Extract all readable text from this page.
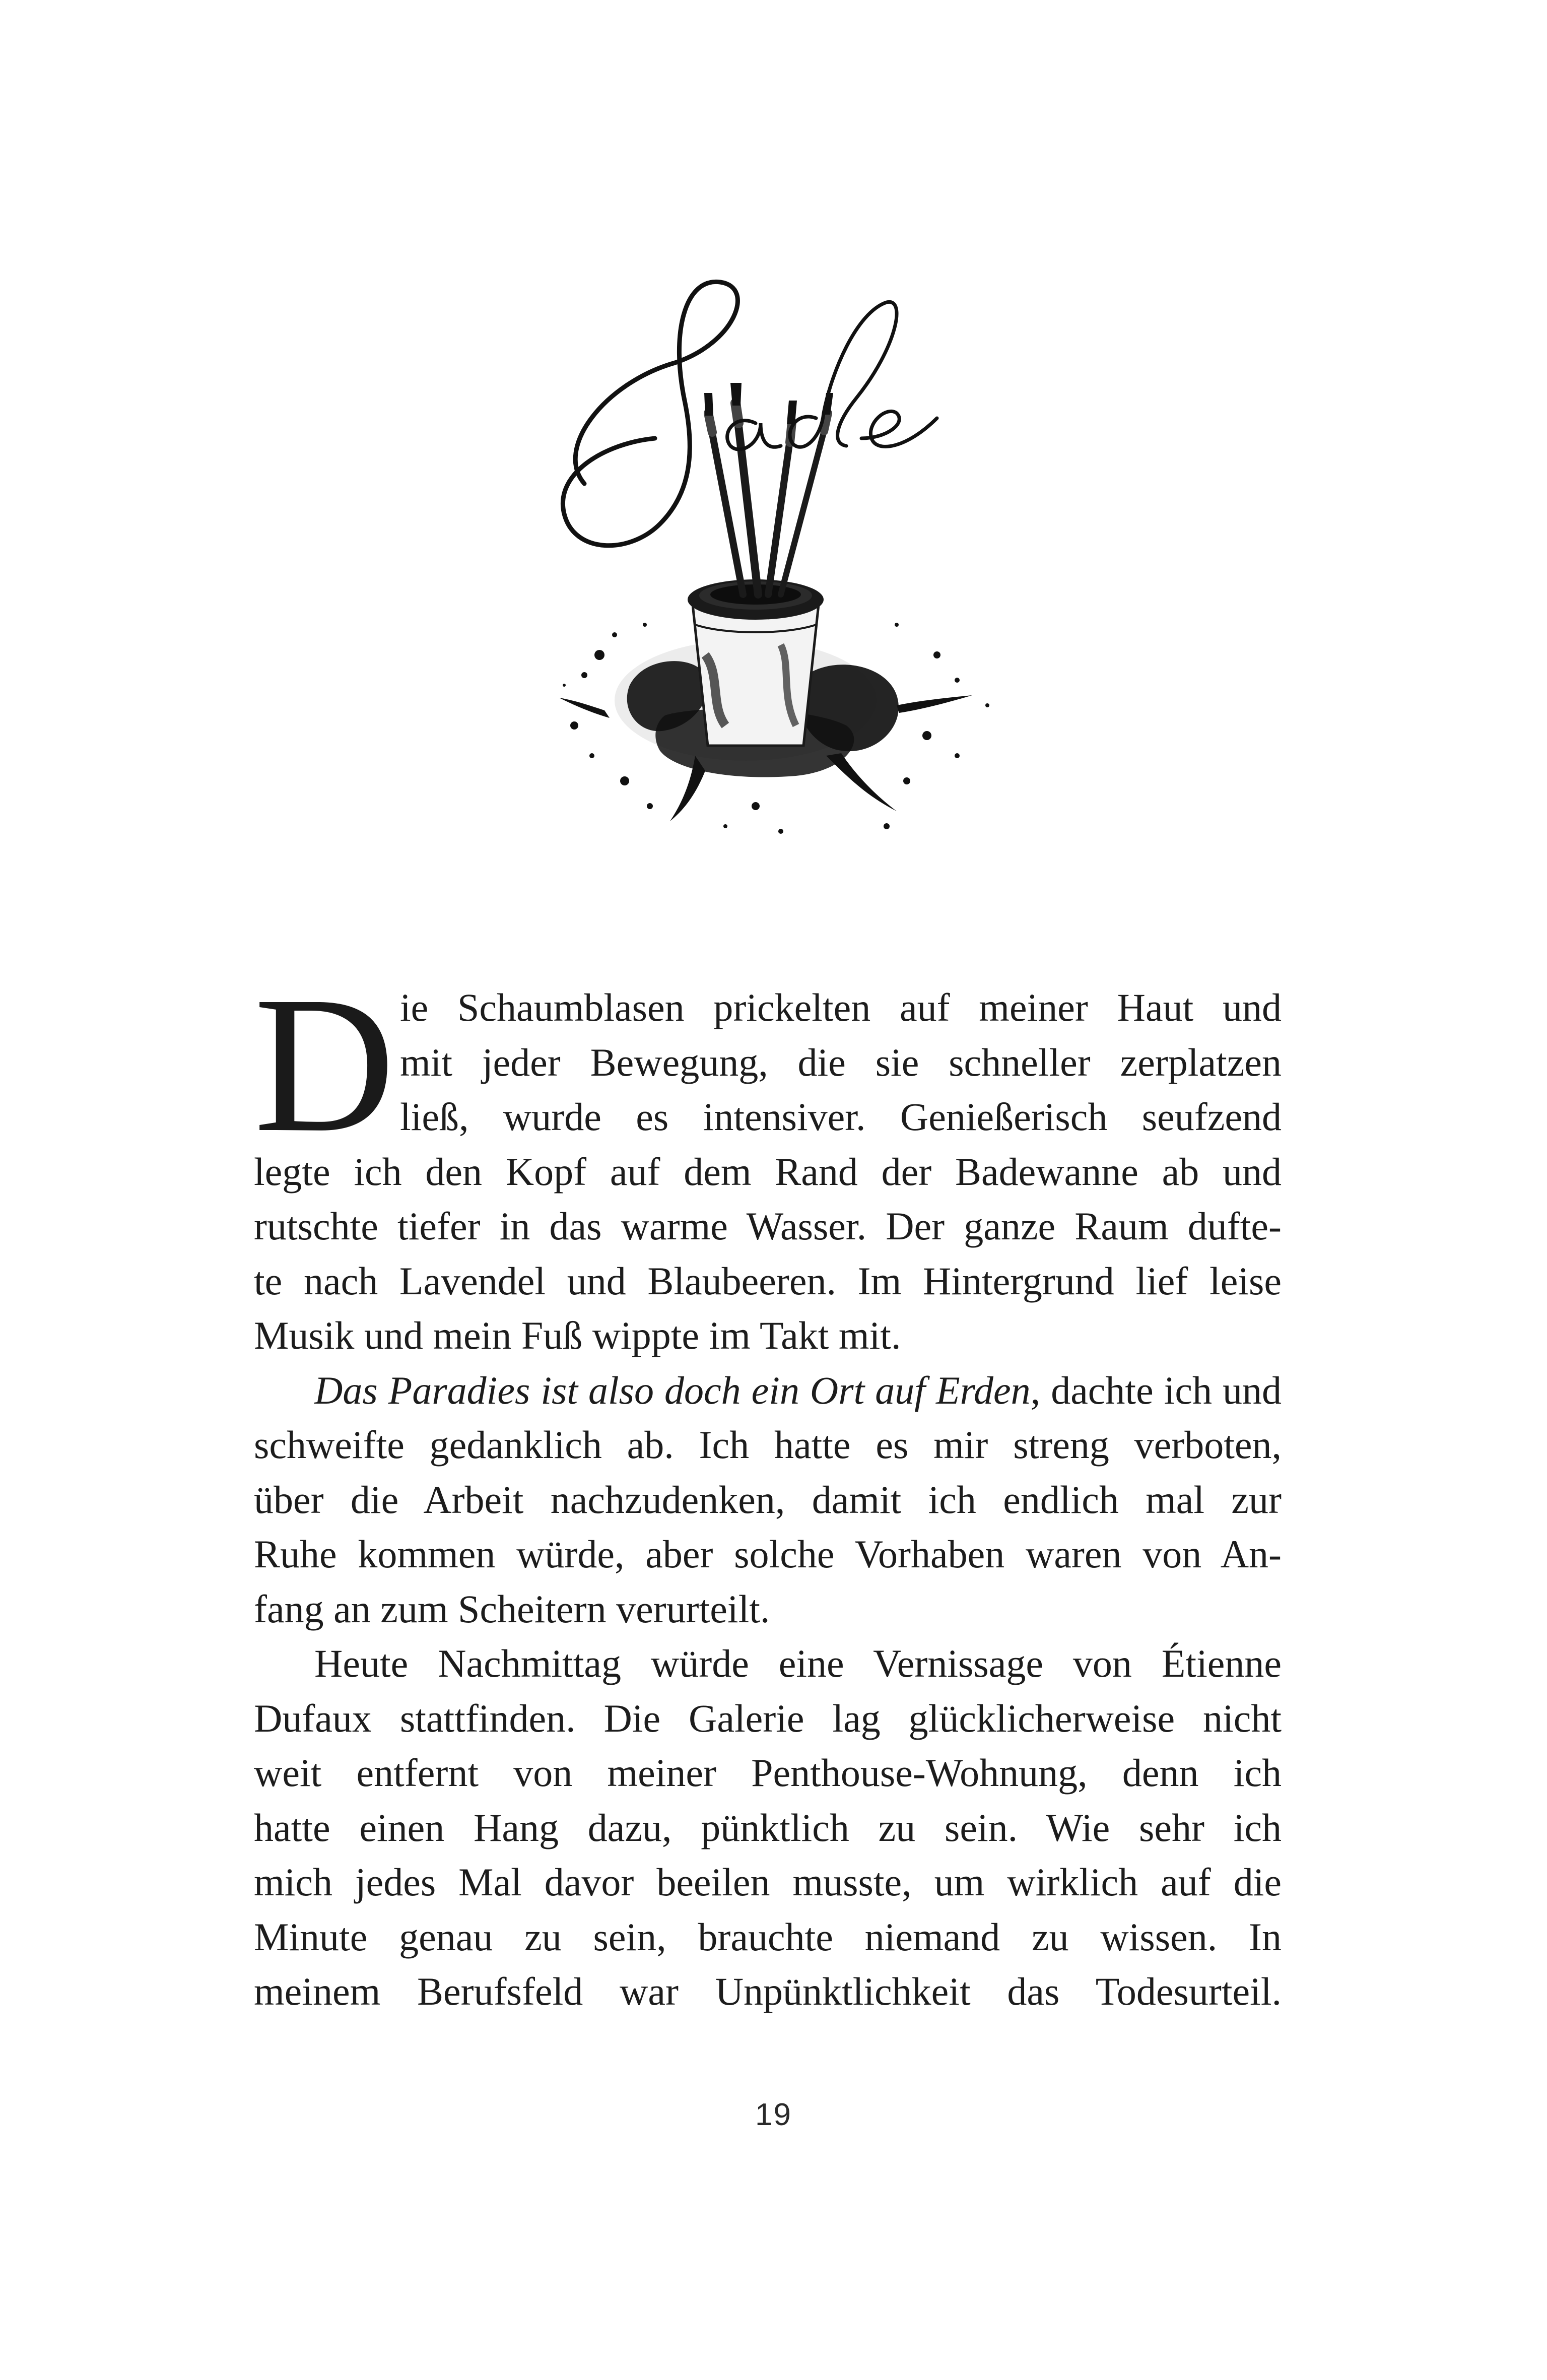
D ie Schaumblasen prickelten auf meiner Haut und
mit jeder Bewegung, die sie schneller zerplatzen
ließ, wurde es intensiver. Genießerisch seufzend
legte ich den Kopf auf dem Rand der Badewanne ab und
rutschte tiefer in das warme Wasser. Der ganze Raum dufte-
te nach Lavendel und Blaubeeren. Im Hintergrund lief leise
Musik und mein Fuß wippte im Takt mit.
Das Paradies ist also doch ein Ort auf Erden, dachte ich und
schweifte gedanklich ab. Ich hatte es mir streng verboten,
über die Arbeit nachzudenken, damit ich endlich mal zur
Ruhe kommen würde, aber solche Vorhaben waren von An-
fang an zum Scheitern verurteilt.
Heute Nachmittag würde eine Vernissage von Étienne
Dufaux stattfinden. Die Galerie lag glücklicherweise nicht
weit entfernt von meiner Penthouse-Wohnung, denn ich
hatte einen Hang dazu, pünktlich zu sein. Wie sehr ich
mich jedes Mal davor beeilen musste, um wirklich auf die
Minute genau zu sein, brauchte niemand zu wissen. In
meinem Berufsfeld war Unpünktlichkeit das Todesurteil.
19
